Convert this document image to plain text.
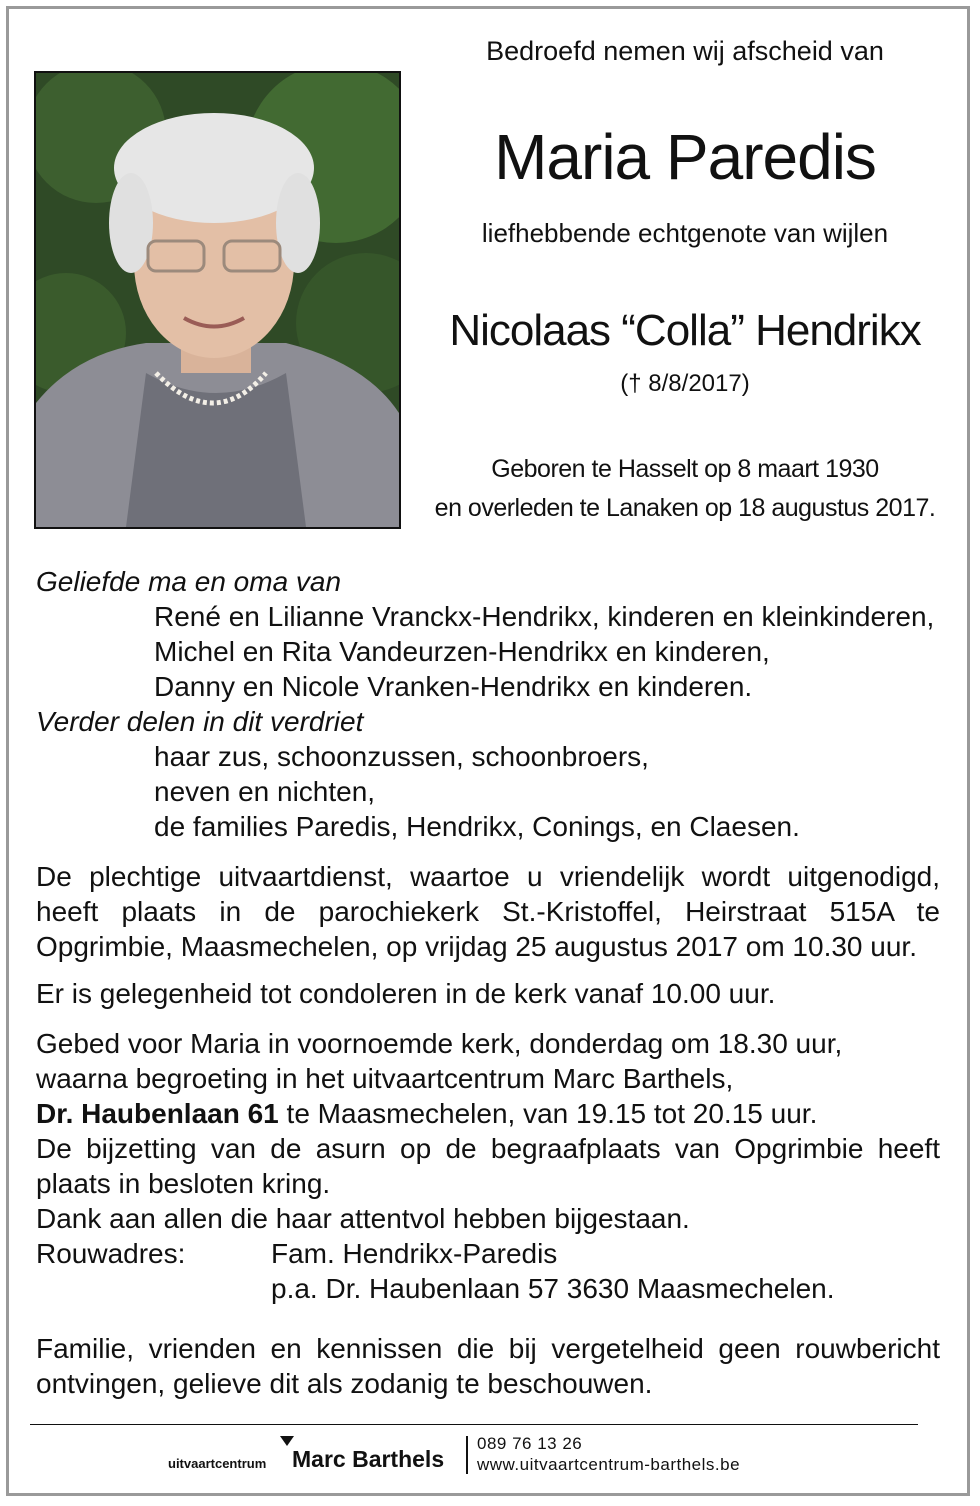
Bedroefd nemen wij afscheid van
Maria Paredis
liefhebbende echtgenote van wijlen
Nicolaas “Colla” Hendrikx
(† 8/8/2017)
Geboren te Hasselt op 8 maart 1930
en overleden te Lanaken op 18 augustus 2017.
Geliefde ma en oma van
René en Lilianne Vranckx-Hendrikx, kinderen en kleinkinderen,
Michel en Rita Vandeurzen-Hendrikx en kinderen,
Danny en Nicole Vranken-Hendrikx en kinderen.
Verder delen in dit verdriet
haar zus, schoonzussen, schoonbroers,
neven en nichten,
de families Paredis, Hendrikx, Conings, en Claesen.
De plechtige uitvaartdienst, waartoe u vriendelijk wordt uitgenodigd, heeft plaats in de parochiekerk St.-Kristoffel, Heirstraat 515A te Opgrimbie, Maasmechelen, op vrijdag 25 augustus 2017 om 10.30 uur.
Er is gelegenheid tot condoleren in de kerk vanaf 10.00 uur.
Gebed voor Maria in voornoemde kerk, donderdag om 18.30 uur,
waarna begroeting in het uitvaartcentrum Marc Barthels,
Dr. Haubenlaan 61 te Maasmechelen, van 19.15 tot 20.15 uur.
De bijzetting van de asurn op de begraafplaats van Opgrimbie heeft plaats in besloten kring.
Dank aan allen die haar attentvol hebben bijgestaan.
Rouwadres:	Fam. Hendrikx-Paredis
p.a. Dr. Haubenlaan 57 3630 Maasmechelen.
Familie, vrienden en kennissen die bij vergetelheid geen rouwbericht ontvingen, gelieve dit als zodanig te beschouwen.
uitvaartcentrum Marc Barthels
089 76 13 26
www.uitvaartcentrum-barthels.be
